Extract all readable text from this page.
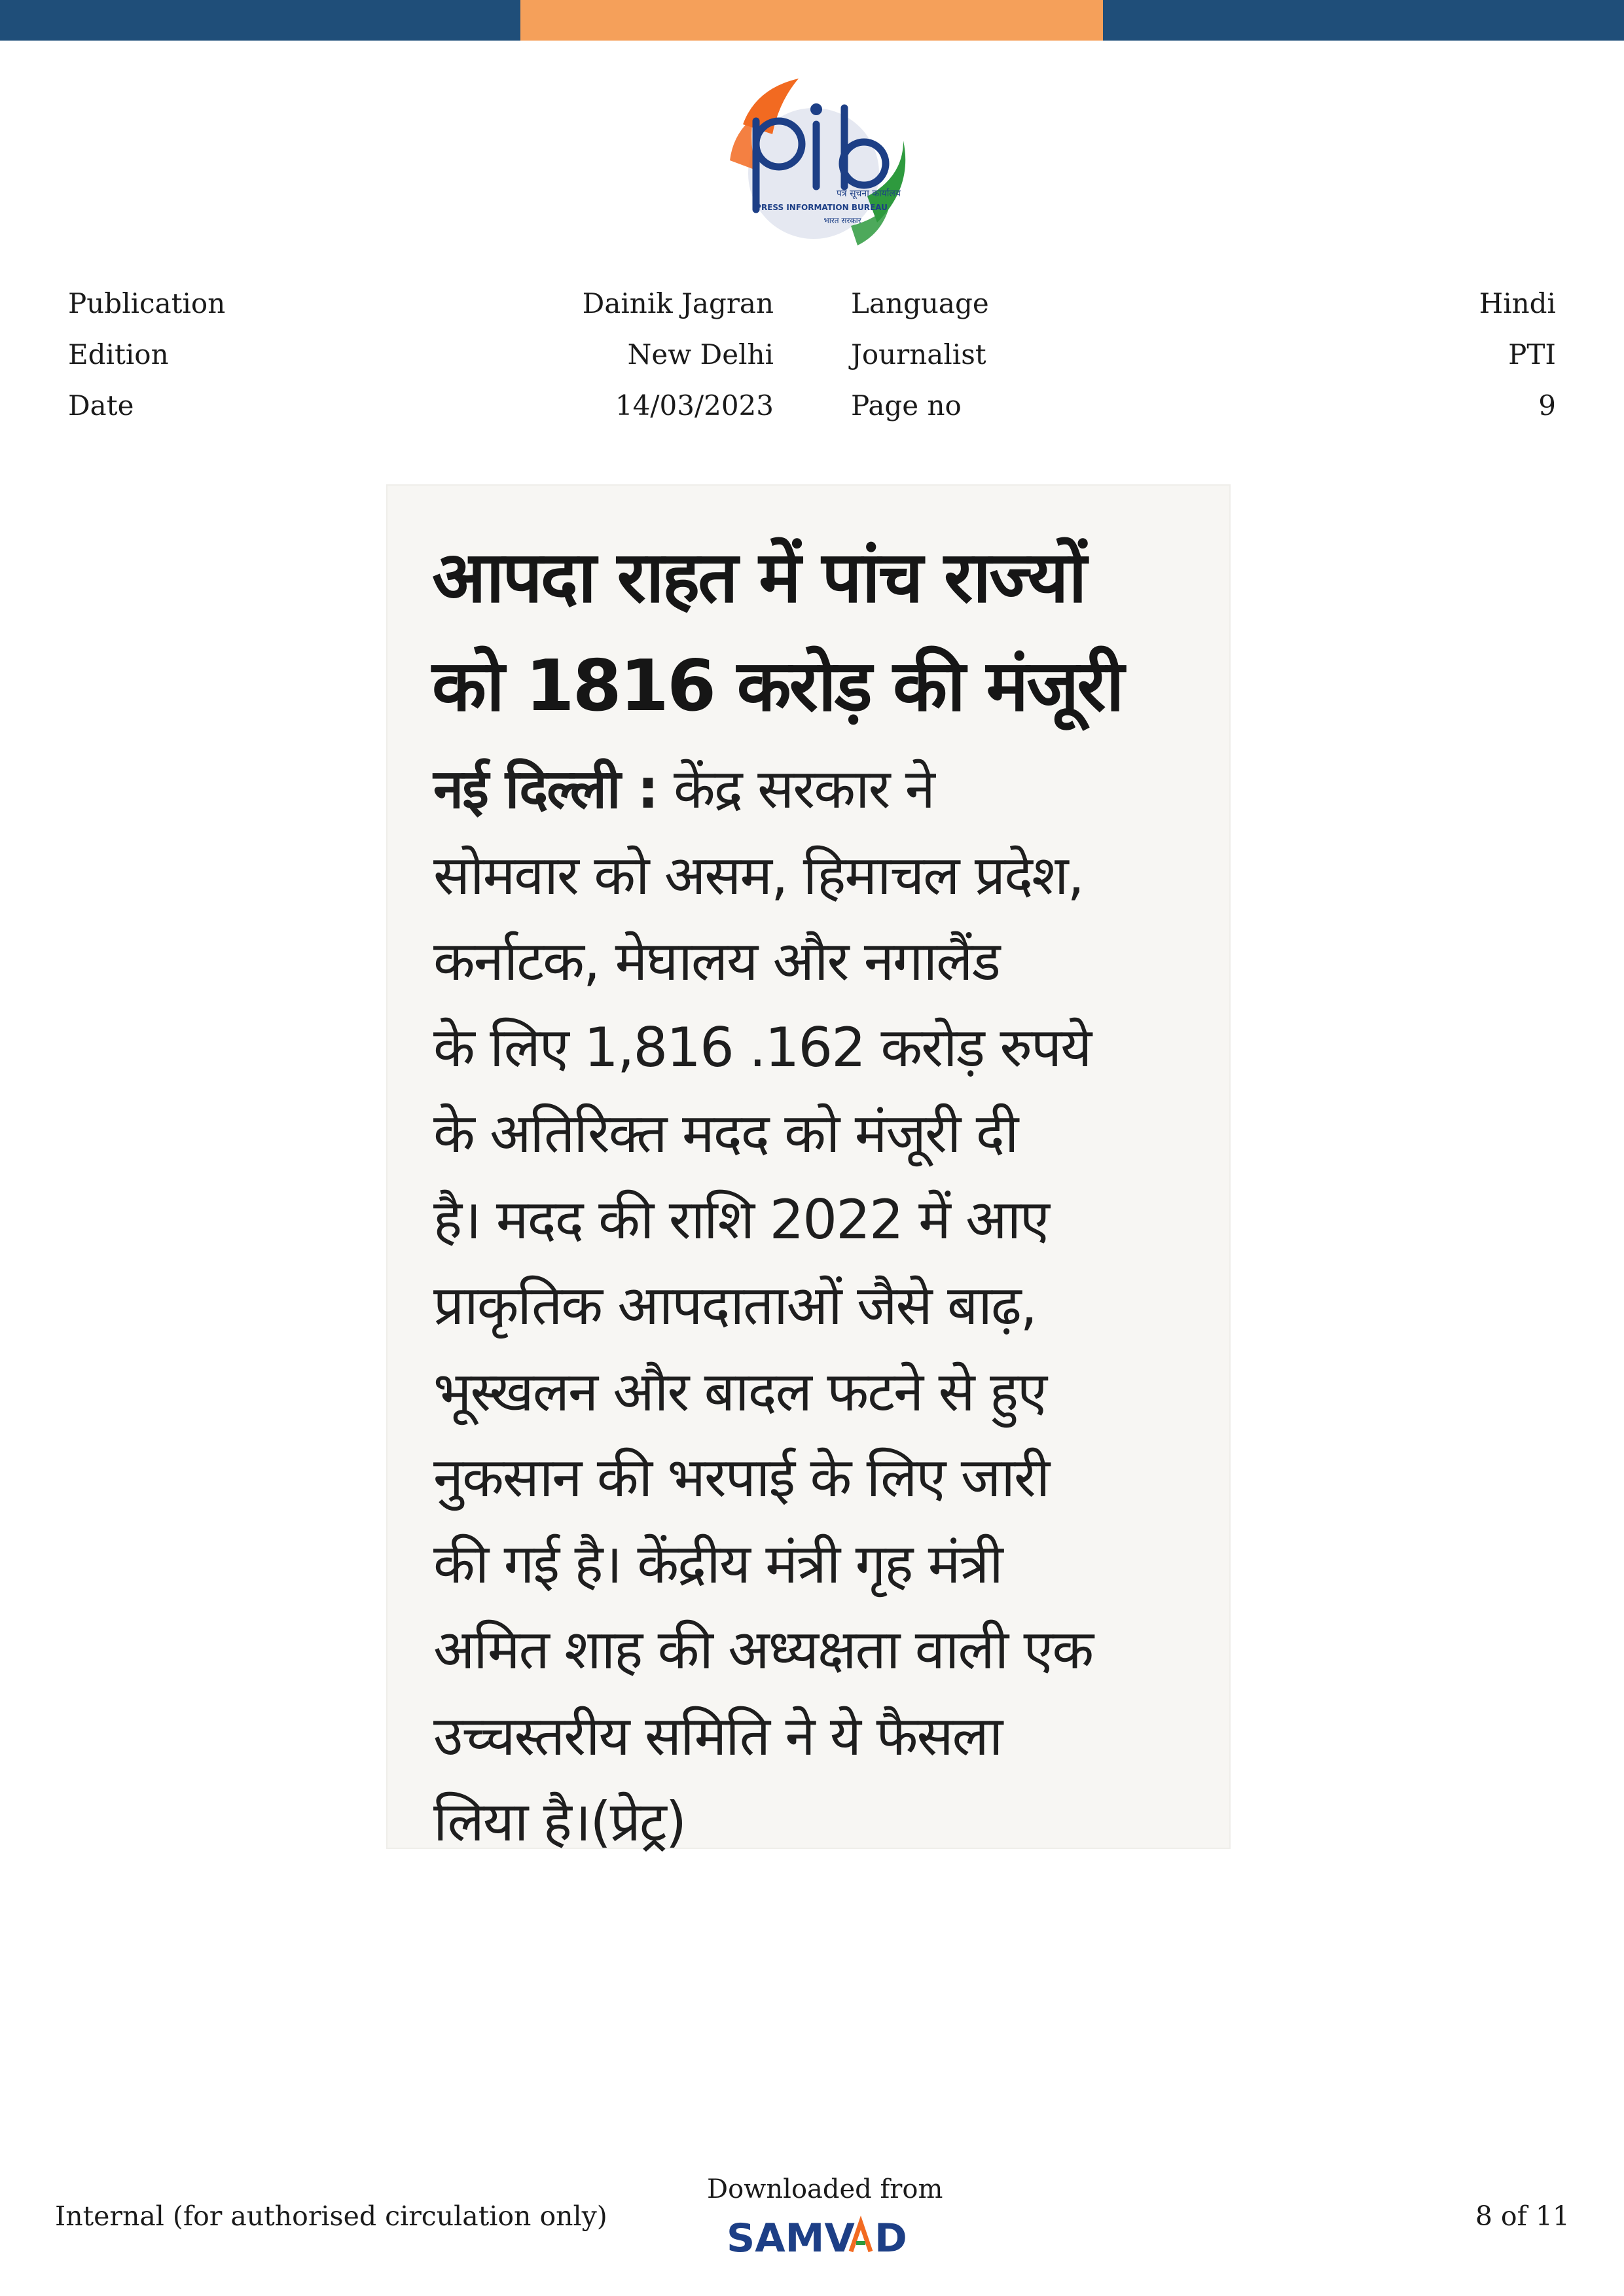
पत्र सूचना कार्यालय
PRESS INFORMATION BUREAU
भारत सरकार
Publication
Edition
Date
Dainik Jagran
New Delhi
14/03/2023
Language
Journalist
Page no
Hindi
PTI
9
आपदा राहत में पांच राज्यों
को 1816 करोड़ की मंजूरी
नई दिल्ली : केंद्र सरकार ने
सोमवार को असम, हिमाचल प्रदेश,
कर्नाटक, मेघालय और नगालैंड
के लिए 1,816 .162 करोड़ रुपये
के अतिरिक्त मदद को मंजूरी दी
है। मदद की राशि 2022 में आए
प्राकृतिक आपदाताओं जैसे बाढ़,
भूस्खलन और बादल फटने से हुए
नुकसान की भरपाई के लिए जारी
की गई है। केंद्रीय मंत्री गृह मंत्री
अमित शाह की अध्यक्षता वाली एक
उच्चस्तरीय समिति ने ये फैसला
लिया है।(प्रेट्र)
Internal (for authorised circulation only)
Downloaded from
SAMV D	8 of 11
